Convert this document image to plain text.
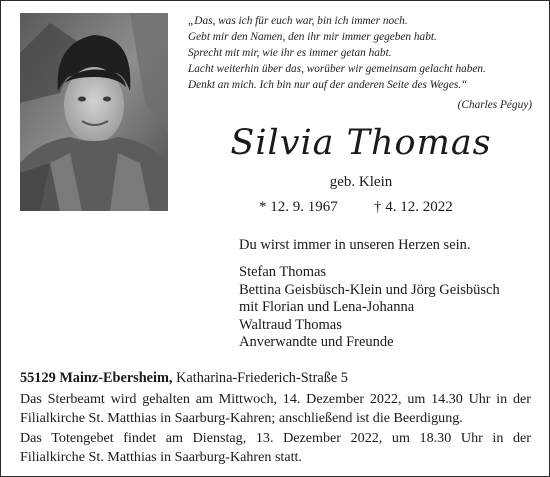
„Das, was ich für euch war, bin ich immer noch.
Gebt mir den Namen, den ihr mir immer gegeben habt.
Sprecht mit mir, wie ihr es immer getan habt.
Lacht weiterhin über das, worüber wir gemeinsam gelacht haben.
Denkt an mich. Ich bin nur auf der anderen Seite des Weges.“
(Charles Péguy)
Silvia Thomas
geb. Klein
* 12. 9. 1967 † 4. 12. 2022
Du wirst immer in unseren Herzen sein.
Stefan Thomas
Bettina Geisbüsch-Klein und Jörg Geisbüsch
mit Florian und Lena-Johanna
Waltraud Thomas
Anverwandte und Freunde
55129 Mainz-Ebersheim, Katharina-Friederich-Straße 5
Das Sterbeamt wird gehalten am Mittwoch, 14. Dezember 2022, um 14.30 Uhr in der
Filialkirche St. Matthias in Saarburg-Kahren; anschließend ist die Beerdigung.
Das Totengebet findet am Dienstag, 13. Dezember 2022, um 18.30 Uhr in der
Filialkirche St. Matthias in Saarburg-Kahren statt.
